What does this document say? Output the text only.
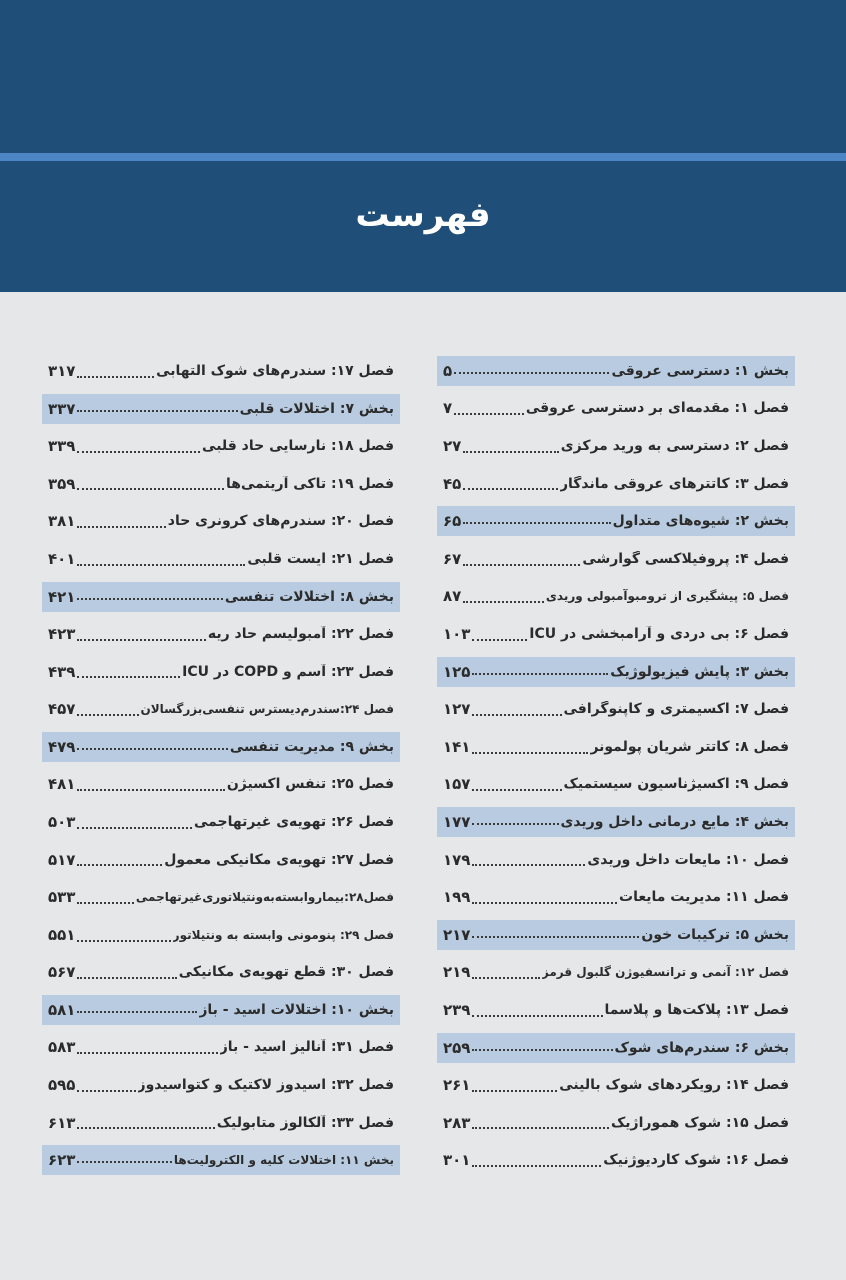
فهرست
بخش ۱: دسترسی عروقی
۵
فصل ۱: مقدمه‌ای بر دسترسی عروقی
۷
فصل ۲: دسترسی به ورید مرکزی
۲۷
فصل ۳: کاتترهای عروقی ماندگار
۴۵
بخش ۲: شیوه‌های متداول
۶۵
فصل ۴: پروفیلاکسی گوارشی
۶۷
فصل ۵: پیشگیری از ترومبوآمبولی وریدی
۸۷
فصل ۶: بی دردی و آرامبخشی در ICU
۱۰۳
بخش ۳: پایش فیزیولوژیک
۱۲۵
فصل ۷: اکسیمتری و کاپنوگرافی
۱۲۷
فصل ۸: کاتتر شریان پولمونر
۱۴۱
فصل ۹: اکسیژناسیون سیستمیک
۱۵۷
بخش ۴: مایع درمانی داخل وریدی
۱۷۷
فصل ۱۰: مایعات داخل وریدی
۱۷۹
فصل ۱۱: مدیریت مایعات
۱۹۹
بخش ۵: ترکیبات خون
۲۱۷
فصل ۱۲: آنمی و ترانسفیوژن گلبول قرمز
۲۱۹
فصل ۱۳: پلاکت‌ها و پلاسما
۲۳۹
بخش ۶: سندرم‌های شوک
۲۵۹
فصل ۱۴: رویکردهای شوک بالینی
۲۶۱
فصل ۱۵: شوک هموراژیک
۲۸۳
فصل ۱۶: شوک کاردیوژنیک
۳۰۱
فصل ۱۷: سندرم‌های شوک التهابی
۳۱۷
بخش ۷: اختلالات قلبی
۳۳۷
فصل ۱۸: نارسایی حاد قلبی
۳۳۹
فصل ۱۹: تاکی آریتمی‌ها
۳۵۹
فصل ۲۰: سندرم‌های کرونری حاد
۳۸۱
فصل ۲۱: ایست قلبی
۴۰۱
بخش ۸: اختلالات تنفسی
۴۲۱
فصل ۲۲: آمبولیسم حاد ریه
۴۲۳
فصل ۲۳: آسم و COPD در ICU
۴۳۹
فصل ۲۴:سندرم‌دیسترس تنفسی‌بزرگسالان
۴۵۷
بخش ۹: مدیریت تنفسی
۴۷۹
فصل ۲۵: تنفس اکسیژن
۴۸۱
فصل ۲۶: تهویه‌ی غیرتهاجمی
۵۰۳
فصل ۲۷: تهویه‌ی مکانیکی معمول
۵۱۷
فصل۲۸:بیماروابسته‌به‌ونتیلاتوری‌غیرتهاجمی
۵۳۳
فصل ۲۹: پنومونی وابسته به ونتیلاتور
۵۵۱
فصل ۳۰: قطع تهویه‌ی مکانیکی
۵۶۷
بخش ۱۰: اختلالات اسید - باز
۵۸۱
فصل ۳۱: آنالیز اسید - باز
۵۸۳
فصل ۳۲: اسیدوز لاکتیک و کتواسیدوز
۵۹۵
فصل ۳۳: آلکالوز متابولیک
۶۱۳
بخش ۱۱: اختلالات کلیه و الکترولیت‌ها
۶۲۳
